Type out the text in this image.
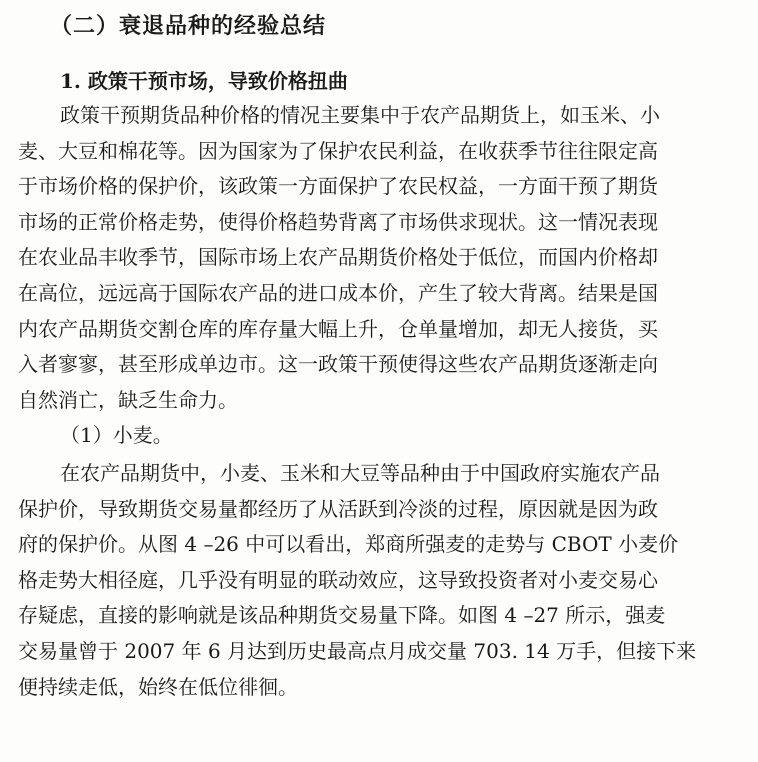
（二）衰退品种的经验总结
1. 政策干预市场，导致价格扭曲
政策干预期货品种价格的情况主要集中于农产品期货上，如玉米、小
麦、大豆和棉花等。因为国家为了保护农民利益，在收获季节往往限定高
于市场价格的保护价，该政策一方面保护了农民权益，一方面干预了期货
市场的正常价格走势，使得价格趋势背离了市场供求现状。这一情况表现
在农业品丰收季节，国际市场上农产品期货价格处于低位，而国内价格却
在高位，远远高于国际农产品的进口成本价，产生了较大背离。结果是国
内农产品期货交割仓库的库存量大幅上升，仓单量增加，却无人接货，买
入者寥寥，甚至形成单边市。这一政策干预使得这些农产品期货逐渐走向
自然消亡，缺乏生命力。
（1）小麦。
在农产品期货中，小麦、玉米和大豆等品种由于中国政府实施农产品
保护价，导致期货交易量都经历了从活跃到冷淡的过程，原因就是因为政
府的保护价。从图 4 –26 中可以看出，郑商所强麦的走势与 CBOT 小麦价
格走势大相径庭，几乎没有明显的联动效应，这导致投资者对小麦交易心
存疑虑，直接的影响就是该品种期货交易量下降。如图 4 –27 所示，强麦
交易量曾于 2007 年 6 月达到历史最高点月成交量 703. 14 万手，但接下来
便持续走低，始终在低位徘徊。
